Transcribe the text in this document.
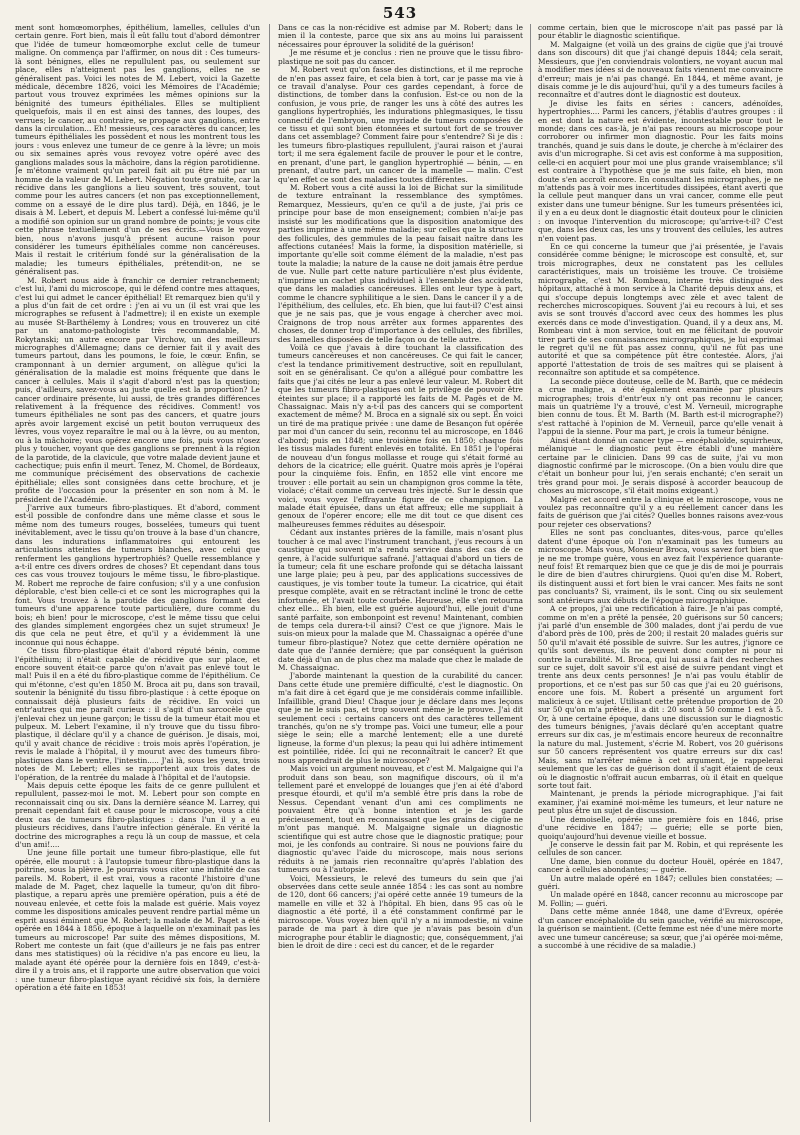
543

ment sont homœomorphes, épithélium, lamelles, cellules d'un certain genre. Fort bien, mais il eût fallu tout d'abord démontrer que l'idée de tumeur homœomorphe exclut celle de tumeur maligne. On commença par l'affirmer, on nous dit : Ces tumeurs-là sont bénignes, elles ne repullulent pas, ou seulement sur place, elles n'atteignent pas les ganglions, elles ne se généralisent pas. Voici les notes de M. Lebert, voici la Gazette médicale, décembre 1826, voici les Mémoires de l'Académie; partout vous trouvez exprimées les mêmes opinions sur la bénignité des tumeurs épithéliales. Elles se multiplient quelquefois, mais il en est ainsi des tannes, des loupes, des verrues; le cancer, au contraire, se propage aux ganglions, entre dans la circulation... Eh! messieurs, ces caractères du cancer, les tumeurs épithéliales les possèdent et nous les montrent tous les jours : vous enlevez une tumeur de ce genre à la lèvre; un mois ou six semaines après vous revoyez votre opéré avec des ganglions malades sous la mâchoire, dans la région parotidienne. Je m'étonne vraiment qu'un pareil fait ait pu être nié par un homme de la valeur de M. Lebert. Négation toute gratuite, car la récidive dans les ganglions a lieu souvent, très souvent, tout comme pour les autres cancers (et non pas exceptionnellement, comme on a essayé de le dire plus tard). Déjà, en 1846, je le disais à M. Lebert, et depuis M. Lebert a confessé lui-même qu'il a modifié son opinion sur un grand nombre de points; je vous cite cette phrase textuellement d'un de ses écrits.—Vous le voyez bien, nous n'avons jusqu'à présent aucune raison pour considérer les tumeurs épithéliales comme non cancéreuses. Mais il restait le critérium fondé sur la généralisation de la maladie; les tumeurs épithéliales, prétendit-on, ne se généralisent pas.

M. Robert nous aide à franchir ce dernier retranchement; c'est lui, l'ami du microscope, qui le défend contre mes attaques, c'est lui qui admet le cancer épithélial! Et remarquez bien qu'il y a plus d'un fait de cet ordre : j'en ai vu un (il est vrai que les micrographes se refusent à l'admettre); il en existe un exemple au musée St-Barthélemy à Londres; vous en trouverez un cité par un anatomo-pathologiste très recommandable, M. Rokytanski; un autre encore par Virchow, un des meilleurs micrographes d'Allemagne; dans ce dernier fait il y avait des tumeurs partout, dans les poumons, le foie, le cœur. Enfin, se cramponnant à un dernier argument, on allègue qu'ici la généralisation de la maladie est moins fréquente que dans le cancer à cellules. Mais il s'agit d'abord n'est pas la question; puis, d'ailleurs, savez-vous au juste quelle est la proportion? Le cancer ordinaire présente, lui aussi, de très grandes différences relativement à la fréquence des récidives. Comment! vos tumeurs épithéliales ne sont pas des cancers, et quatre jours après avoir largement excisé un petit bouton verruqueux des lèvres, vous voyez reparaître le mal ou à la lèvre, ou au menton, ou à la mâchoire; vous opérez encore une fois, puis vous n'osez plus y toucher, voyant que des ganglions se prennent à la région de la parotide, de la clavicule, que votre malade devient jaune et cachectique; puis enfin il meurt. Tenez, M. Chomel, de Bordeaux, me communique précisément des observations de cachexie épithéliale; elles sont consignées dans cette brochure, et je profite de l'occasion pour la présenter en son nom à M. le président de l'Académie.

J'arrive aux tumeurs fibro-plastiques. Et d'abord, comment est-il possible de confondre dans une même classe et sous le même nom des tumeurs rouges, bosselées, tumeurs qui tuent inévitablement, avec le tissu qu'on trouve à la base d'un chancre, dans les indurations inflammatoires qui entourent les articulations atteintes de tumeurs blanches, avec celui que renferment les ganglions hypertrophiés? Quelle ressemblance y a-t-il entre ces divers ordres de choses? Et cependant dans tous ces cas vous trouvez toujours le même tissu, le fibro-plastique. M. Robert me reproche de faire confusion; s'il y a une confusion déplorable, c'est bien celle-ci et ce sont les micrographes qui la font. Vous trouvez à la parotide des ganglions formant des tumeurs d'une apparence toute particulière, dure comme du bois; eh bien! pour le microscope, c'est le même tissu que celui des glandes simplement engorgées chez un sujet strumeux! Je dis que cela ne peut être, et qu'il y a évidemment là une inconnue qui nous échappe.

Ce tissu fibro-plastique était d'abord réputé bénin, comme l'épithélium; il n'était capable de récidive que sur place, et encore souvent était-ce parce qu'on n'avait pas enlevé tout le mal! Puis il en a été du fibro-plastique comme de l'épithélium. Ce qui m'étonne, c'est qu'en 1850 M. Broca ait pu, dans son travail, soutenir la bénignité du tissu fibro-plastique : à cette époque on connaissait déjà plusieurs faits de récidive. En voici un entr'autres qui me paraît curieux : il s'agit d'un sarcocèle que j'enlevai chez un jeune garçon; le tissu de la tumeur était mou et pulpeux. M. Lebert l'examine, il n'y trouve que du tissu fibro-plastique, il déclare qu'il y a chance de guérison. Je disais, moi, qu'il y avait chance de récidive : trois mois après l'opération, je revis le malade à l'hôpital, il y mourut avec des tumeurs fibro-plastiques dans le ventre, l'intestin..... J'ai là, sous les yeux, trois notes de M. Lebert; elles se rapportent aux trois dates de l'opération, de la rentrée du malade à l'hôpital et de l'autopsie.

Mais depuis cette époque les faits de ce genre pullulent et repullulent, passez-moi le mot. M. Lebert pour son compte en reconnaissait cinq ou six. Dans la dernière séance M. Larrey, qui prenait cependant fait et cause pour le microscope, vous a cité deux cas de tumeurs fibro-plastiques : dans l'un il y a eu plusieurs récidives, dans l'autre infection générale. En vérité la doctrine des micrographes a reçu là un coup de massue, et cela d'un ami!....

Une jeune fille portait une tumeur fibro-plastique, elle fut opérée, elle mourut : à l'autopsie tumeur fibro-plastique dans la poitrine, sous la plèvre. Je pourrais vous citer une infinité de cas pareils. M. Robert, il est vrai, vous a raconté l'histoire d'une malade de M. Paget, chez laquelle la tumeur, qu'on dit fibro-plastique, a reparu après une première opération, puis a été de nouveau enlevée, et cette fois la malade est guérie. Mais voyez comme les dispositions amicales peuvent rendre partial même un esprit aussi éminent que M. Robert; la malade de M. Paget a été opérée en 1844 à 1856, époque à laquelle on n'examinait pas les tumeurs au microscope! Par suite des mêmes dispositions, M. Robert me conteste un fait (que d'ailleurs je ne fais pas entrer dans mes statistiques) où la récidive n'a pas encore eu lieu, la malade ayant été opérée pour la dernière fois en 1849, c'est-à-dire il y a trois ans, et il rapporte une autre observation que voici : une tumeur fibro-plastique ayant récidivé six fois, la dernière opération a été faite en 1853!

Dans ce cas la non-récidive est admise par M. Robert; dans le mien il la conteste, parce que six ans au moins lui paraissent nécessaires pour éprouver la solidité de la guérison!

Je me résume et je conclus : rien ne prouve que le tissu fibro-plastique ne soit pas du cancer.

M. Robert veut qu'on fasse des distinctions, et il me reproche de n'en pas assez faire, et cela bien à tort, car je passe ma vie à ce travail d'analyse. Pour ces gardes cependant, à force de distinctions, de tomber dans la confusion. Est-ce ou non de la confusion, je vous prie, de ranger les uns à côté des autres les ganglions hypertrophiés, les indurations phlegmasiques, le tissu connectif de l'embryon, une myriade de tumeurs composées de ce tissu et qui sont bien étonnées et surtout fort de se trouver dans cet assemblage? Comment faire pour s'entendre? Si je dis : les tumeurs fibro-plastiques repullulent, j'aurai raison et j'aurai tort; il me sera également facile de prouver le pour et le contre, en prenant, d'une part, le ganglion hypertrophié — bénin, — en prenant, d'autre part, un cancer de la mamelle — malin. C'est qu'en effet ce sont des maladies toutes différentes.

M. Robert vous a cité aussi la loi de Bichat sur la similitude de texture entraînant la ressemblance des symptômes. Remarquez, Messieurs, qu'en ce qu'il a de juste, j'ai pris ce principe pour base de mon enseignement; combien n'ai-je pas insisté sur les modifications que la disposition anatomique des parties imprime à une même maladie; sur celles que la structure des follicules, des gemmules de la peau faisait naître dans les affections cutanées! Mais la forme, la disposition matérielle, si importante qu'elle soit comme élément de la maladie, n'est pas toute la maladie; la nature de la cause ne doit jamais être perdue de vue. Nulle part cette nature particulière n'est plus évidente, n'imprime un cachet plus individuel à l'ensemble des accidents, que dans les maladies cancéreuses. Elles ont leur type à part, comme le chancre syphilitique a le sien. Dans le cancer il y a de l'épithélium, des cellules, etc. Eh bien, que lui faut-il? C'est ainsi que je ne sais pas, que je vous engage à chercher avec moi. Craignons de trop nous arrêter aux formes apparentes des choses, de donner trop d'importance à des cellules, des fibrilles, des lamelles disposées de telle façon ou de telle autre.

Voilà ce que j'avais à dire touchant la classification des tumeurs cancéreuses et non cancéreuses. Ce qui fait le cancer, c'est la tendance primitivement destructive, soit en repullulant, soit en se généralisant. Ce qu'on a allégué pour combattre les faits que j'ai cités ne leur a pas enlevé leur valeur. M. Robert dit que les tumeurs fibro-plastiques ont le privilège de pouvoir être éteintes sur place; il a rapporté les faits de M. Pagès et de M. Chassaignac. Mais n'y a-t-il pas des cancers qui se comportent exactement de même? M. Broca en a signalé six ou sept. En voici un tiré de ma pratique privée : une dame de Besançon fut opérée par moi d'un cancer du sein, reconnu tel au microscope, en 1846 d'abord; puis en 1848; une troisième fois en 1850; chaque fois les tissus malades furent enlevés en totalité. En 1851 je l'opérai de nouveau d'un fongus mollasse et rouge qui s'était formé au dehors de la cicatrice; elle guérit. Quatre mois après je l'opérai pour la cinquième fois. Enfin, en 1852 elle vint encore me trouver : elle portait au sein un champignon gros comme la tête, violacé; c'était comme un cerveau très injecté. Sur le dessin que voici, vous voyez l'effrayante figure de ce champignon. La malade était épuisée, dans un état affreux; elle me suppliait à genoux de l'opérer encore; elle me dit tout ce que disent ces malheureuses femmes réduites au désespoir.

Cédant aux instantes prières de la famille, mais n'osant plus toucher à ce mal avec l'instrument tranchant, j'eus recours à un caustique qui souvent m'a rendu service dans des cas de ce genre, à l'acide sulfurique safrané. J'attaquai d'abord un tiers de la tumeur; cela fit une eschare profonde qui se détacha laissant une large plaie; peu à peu, par des applications successives de caustiques, je vis tomber toute la tumeur. La cicatrice, qui était presque complète, avait en se rétractant incliné le tronc de cette infortunée, et l'avait toute courbée. Heureuse, elle s'en retourna chez elle... Eh bien, elle est guérie aujourd'hui, elle jouit d'une santé parfaite, son embonpoint est revenu! Maintenant, combien de temps cela durera-t-il ainsi? C'est ce que j'ignore. Mais le suis-on mieux pour la malade que M. Chassaignac a opérée d'une tumeur fibro-plastique? Notez que cette dernière opération ne date que de l'année dernière; que par conséquent la guérison date déjà d'un an de plus chez ma malade que chez le malade de M. Chassaignac.

J'aborde maintenant la question de la curabilité du cancer. Dans cette étude une première difficulté, c'est le diagnostic. On m'a fait dire à cet égard que je me considérais comme infaillible. Infaillible, grand Dieu! Chaque jour je déclare dans mes leçons que je ne le suis pas, et trop souvent même je le prouve. J'ai dit seulement ceci : certains cancers ont des caractères tellement tranchés, qu'on ne s'y trompe pas. Voici une tumeur, elle a pour siège le sein; elle a marché lentement; elle a une dureté ligneuse, la forme d'un plexus; la peau qui lui adhère intimement est pointillée, ridée. Ici qui ne reconnaîtrait le cancer? Et que nous apprendrait de plus le microscope?

Mais voici un argument nouveau, et c'est M. Malgaigne qui l'a produit dans son beau, son magnifique discours, où il m'a tellement paré et enveloppé de louanges que j'en ai été d'abord presque étourdi, et qu'il m'a semblé être pris dans la robe de Nessus. Cependant venant d'un ami ces compliments ne pouvaient être qu'à bonne intention et je les garde précieusement, tout en reconnaissant que les grains de cigüe ne m'ont pas manqué. M. Malgaigne signale un diagnostic scientifique qui est autre chose que le diagnostic pratique; pour moi, je les confonds au contraire. Si nous ne pouvions faire du diagnostic qu'avec l'aide du microscope, mais nous serions réduits à ne jamais rien reconnaître qu'après l'ablation des tumeurs ou à l'autopsie.

Voici, Messieurs, le relevé des tumeurs du sein que j'ai observées dans cette seule année 1854 : les cas sont au nombre de 120, dont 66 cancers; j'ai opéré cette année 19 tumeurs de la mamelle en ville et 32 à l'hôpital. Eh bien, dans 95 cas où le diagnostic a été porté, il a été constamment confirmé par le microscope. Vous voyez bien qu'il n'y a ni immodestie, ni vaine parade de ma part à dire que je n'avais pas besoin d'un micrographe pour établir le diagnostic; que, conséquemment, j'ai bien le droit de dire : ceci est du cancer, et de le regarder

comme certain, bien que le microscope n'ait pas passé par là pour établir le diagnostic scientifique.

M. Malgaigne (et voilà un des grains de cigüe que j'ai trouvé dans son discours) dit que j'ai changé depuis 1844; cela serait, Messieurs, que j'en conviendrais volontiers, ne voyant aucun mal à modifier mes idées si de nouveaux faits viennent me convaincre d'erreur; mais je n'ai pas changé. En 1844, et même avant, je disais comme je le dis aujourd'hui, qu'il y a des tumeurs faciles à reconnaître et d'autres dont le diagnostic est douteux.

Je divise les faits en séries : cancers, adénoïdes, hypertrophies.... Parmi les cancers, j'établis d'autres groupes : il en est dont la nature est évidente, incontestable pour tout le monde; dans ces cas-là, je n'ai pas recours au microscope pour corroborer ou infirmer mon diagnostic. Pour les faits moins tranchés, quand je suis dans le doute, je cherche à m'éclairer des avis d'un micrographe. Si cet avis est conforme à ma supposition, celle-ci en acquiert pour moi une plus grande vraisemblance; s'il est contraire à l'hypothèse que je me suis faite, eh bien, mon doute s'en accroît encore. En consultant les micrographes, je ne m'attends pas à voir mes incertitudes dissipées, étant averti que la cellule peut manquer dans un vrai cancer, comme elle peut exister dans une tumeur bénigne. Sur les tumeurs présentées ici, il y en a eu deux dont le diagnostic était douteux pour le clinicien : on invoque l'intervention du microscope; qu'arrive-t-il? C'est que, dans les deux cas, les uns y trouvent des cellules, les autres n'en voient pas.

En ce qui concerne la tumeur que j'ai présentée, je l'avais considérée comme bénigne; le microscope est consulté, et, sur trois micrographes, deux ne constatent pas les cellules caractéristiques, mais un troisième les trouve. Ce troisième micrographe, c'est M. Rombeau, interne très distingué des hôpitaux, attaché à mon service à la Charité depuis deux ans, et qui s'occupe depuis longtemps avec zèle et avec talent de recherches microscopiques. Souvent j'ai eu recours à lui, et ses avis se sont trouvés d'accord avec ceux des hommes les plus exercés dans ce mode d'investigation. Quand, il y a deux ans, M. Rombeau vint à mon service, tout en me félicitant de pouvoir tirer parti de ses connaissances micrographiques, je lui exprimai le regret qu'il ne fût pas assez connu, qu'il ne fût pas une autorité et que sa compétence pût être contestée. Alors, j'ai apporté l'attestation de trois de ses maîtres qui se plaisent à reconnaître son aptitude et sa compétence.

La seconde pièce douteuse, celle de M. Barth, que ce médecin a crue maligne, a été également examinée par plusieurs micrographes; trois d'entr'eux n'y ont pas reconnu le cancer, mais un quatrième l'y a trouvé, c'est M. Verneuil, micrographe bien connu de tous. Et M. Barth (M. Barth est-il micrographe?) s'est rattaché à l'opinion de M. Verneuil, parce qu'elle venait à l'appui de la sienne. Pour ma part, je crois la tumeur bénigne.

Ainsi étant donné un cancer type — encéphaloïde, squirrheux, mélanique — le diagnostic peut être établi d'une manière certaine par le clinicien. Dans 99 cas de suite, j'ai vu mon diagnostic confirmé par le microscope. (On a bien voulu dire que c'était un bonheur pour lui, j'en serais enchanté; c'en serait un très grand pour moi. Je serais disposé à accorder beaucoup de choses au microscope, s'il était moins exigeant.)

Malgré cet accord entre la clinique et le microscope, vous ne voulez pas reconnaître qu'il y a eu réellement cancer dans les faits de guérison que j'ai cités? Quelles bonnes raisons avez-vous pour rejeter ces observations?

Elles ne sont pas concluantes, dites-vous, parce qu'elles datent d'une époque où l'on n'examinait pas les tumeurs au microscope. Mais vous, Monsieur Broca, vous savez fort bien que je ne me trompe guère, vous en avez fait l'expérience quarante-neuf fois! Et remarquez bien que ce que je dis de moi je pourrais le dire de bien d'autres chirurgiens. Quoi qu'en dise M. Robert, ils distinguent aussi et fort bien le vrai cancer. Mes faits ne sont pas concluants? Si, vraiment, ils le sont. Cinq ou six seulement sont antérieurs aux débuts de l'époque micrographique.

A ce propos, j'ai une rectification à faire. Je n'ai pas compté, comme on m'en a prêté la pensée, 20 guérisons sur 50 cancers; j'ai parlé d'un ensemble de 300 malades, dont j'ai perdu de vue d'abord près de 100, près de 200; il restait 20 malades guéris sur 50 qu'il m'avait été possible de suivre. Sur les autres, j'ignore ce qu'ils sont devenus, ils ne peuvent donc compter ni pour ni contre la curabilité. M. Broca, qui lui aussi a fait des recherches sur ce sujet, dolt savoir s'il est aisé de suivre pendant vingt et trente ans deux cents personnes! Je n'ai pas voulu établir de proportions, et ce n'est pas sur 50 cas que j'ai eu 20 guérisons, encore une fois. M. Robert a présenté un argument fort malicieux à ce sujet. Utilisant cette prétendue proportion de 20 sur 50 qu'on m'a prêtée, il a dit : 20 sont à 50 comme 1 est à 5. Or, à une certaine époque, dans une discussion sur le diagnostic des tumeurs bénignes, j'avais déclaré qu'en acceptant quatre erreurs sur dix cas, je m'estimais encore heureux de reconnaître la nature du mal. Justement, s'écrie M. Robert, vos 20 guérisons sur 50 cancers représentent vos quatre erreurs sur dix cas! Mais, sans m'arrêter même à cet argument, je rappelerai seulement que les cas de guérison dont il s'agit étaient de ceux où le diagnostic n'offrait aucun embarras, où il était en quelque sorte tout fait.

Maintenant, je prends la période micrographique. J'ai fait examiner, j'ai examiné moi-même les tumeurs, et leur nature ne peut plus être un sujet de discussion.

Une demoiselle, opérée une première fois en 1846, prise d'une récidive en 1847; — guérie; elle se porte bien, quoiqu'aujourd'hui devenue vieille et bossue.

Je conserve le dessin fait par M. Robin, et qui représente les cellules de son cancer.

Une dame, bien connue du docteur Houël, opérée en 1847, cancer à cellules abondantes; — guérie.

Un autre malade opéré en 1847; cellules bien constatées; — guéri.

Un malade opéré en 1848, cancer reconnu au microscope par M. Follin; — guéri.

Dans cette même année 1848, une dame d'Evreux, opérée d'un cancer encéphaloïde du sein gauche, vérifié au microscope, la guérison se maintient. (Cette femme est née d'une mère morte avec une tumeur cancéreuse; sa sœur, que j'ai opérée moi-même, a succombé à une récidive de sa maladie.)
